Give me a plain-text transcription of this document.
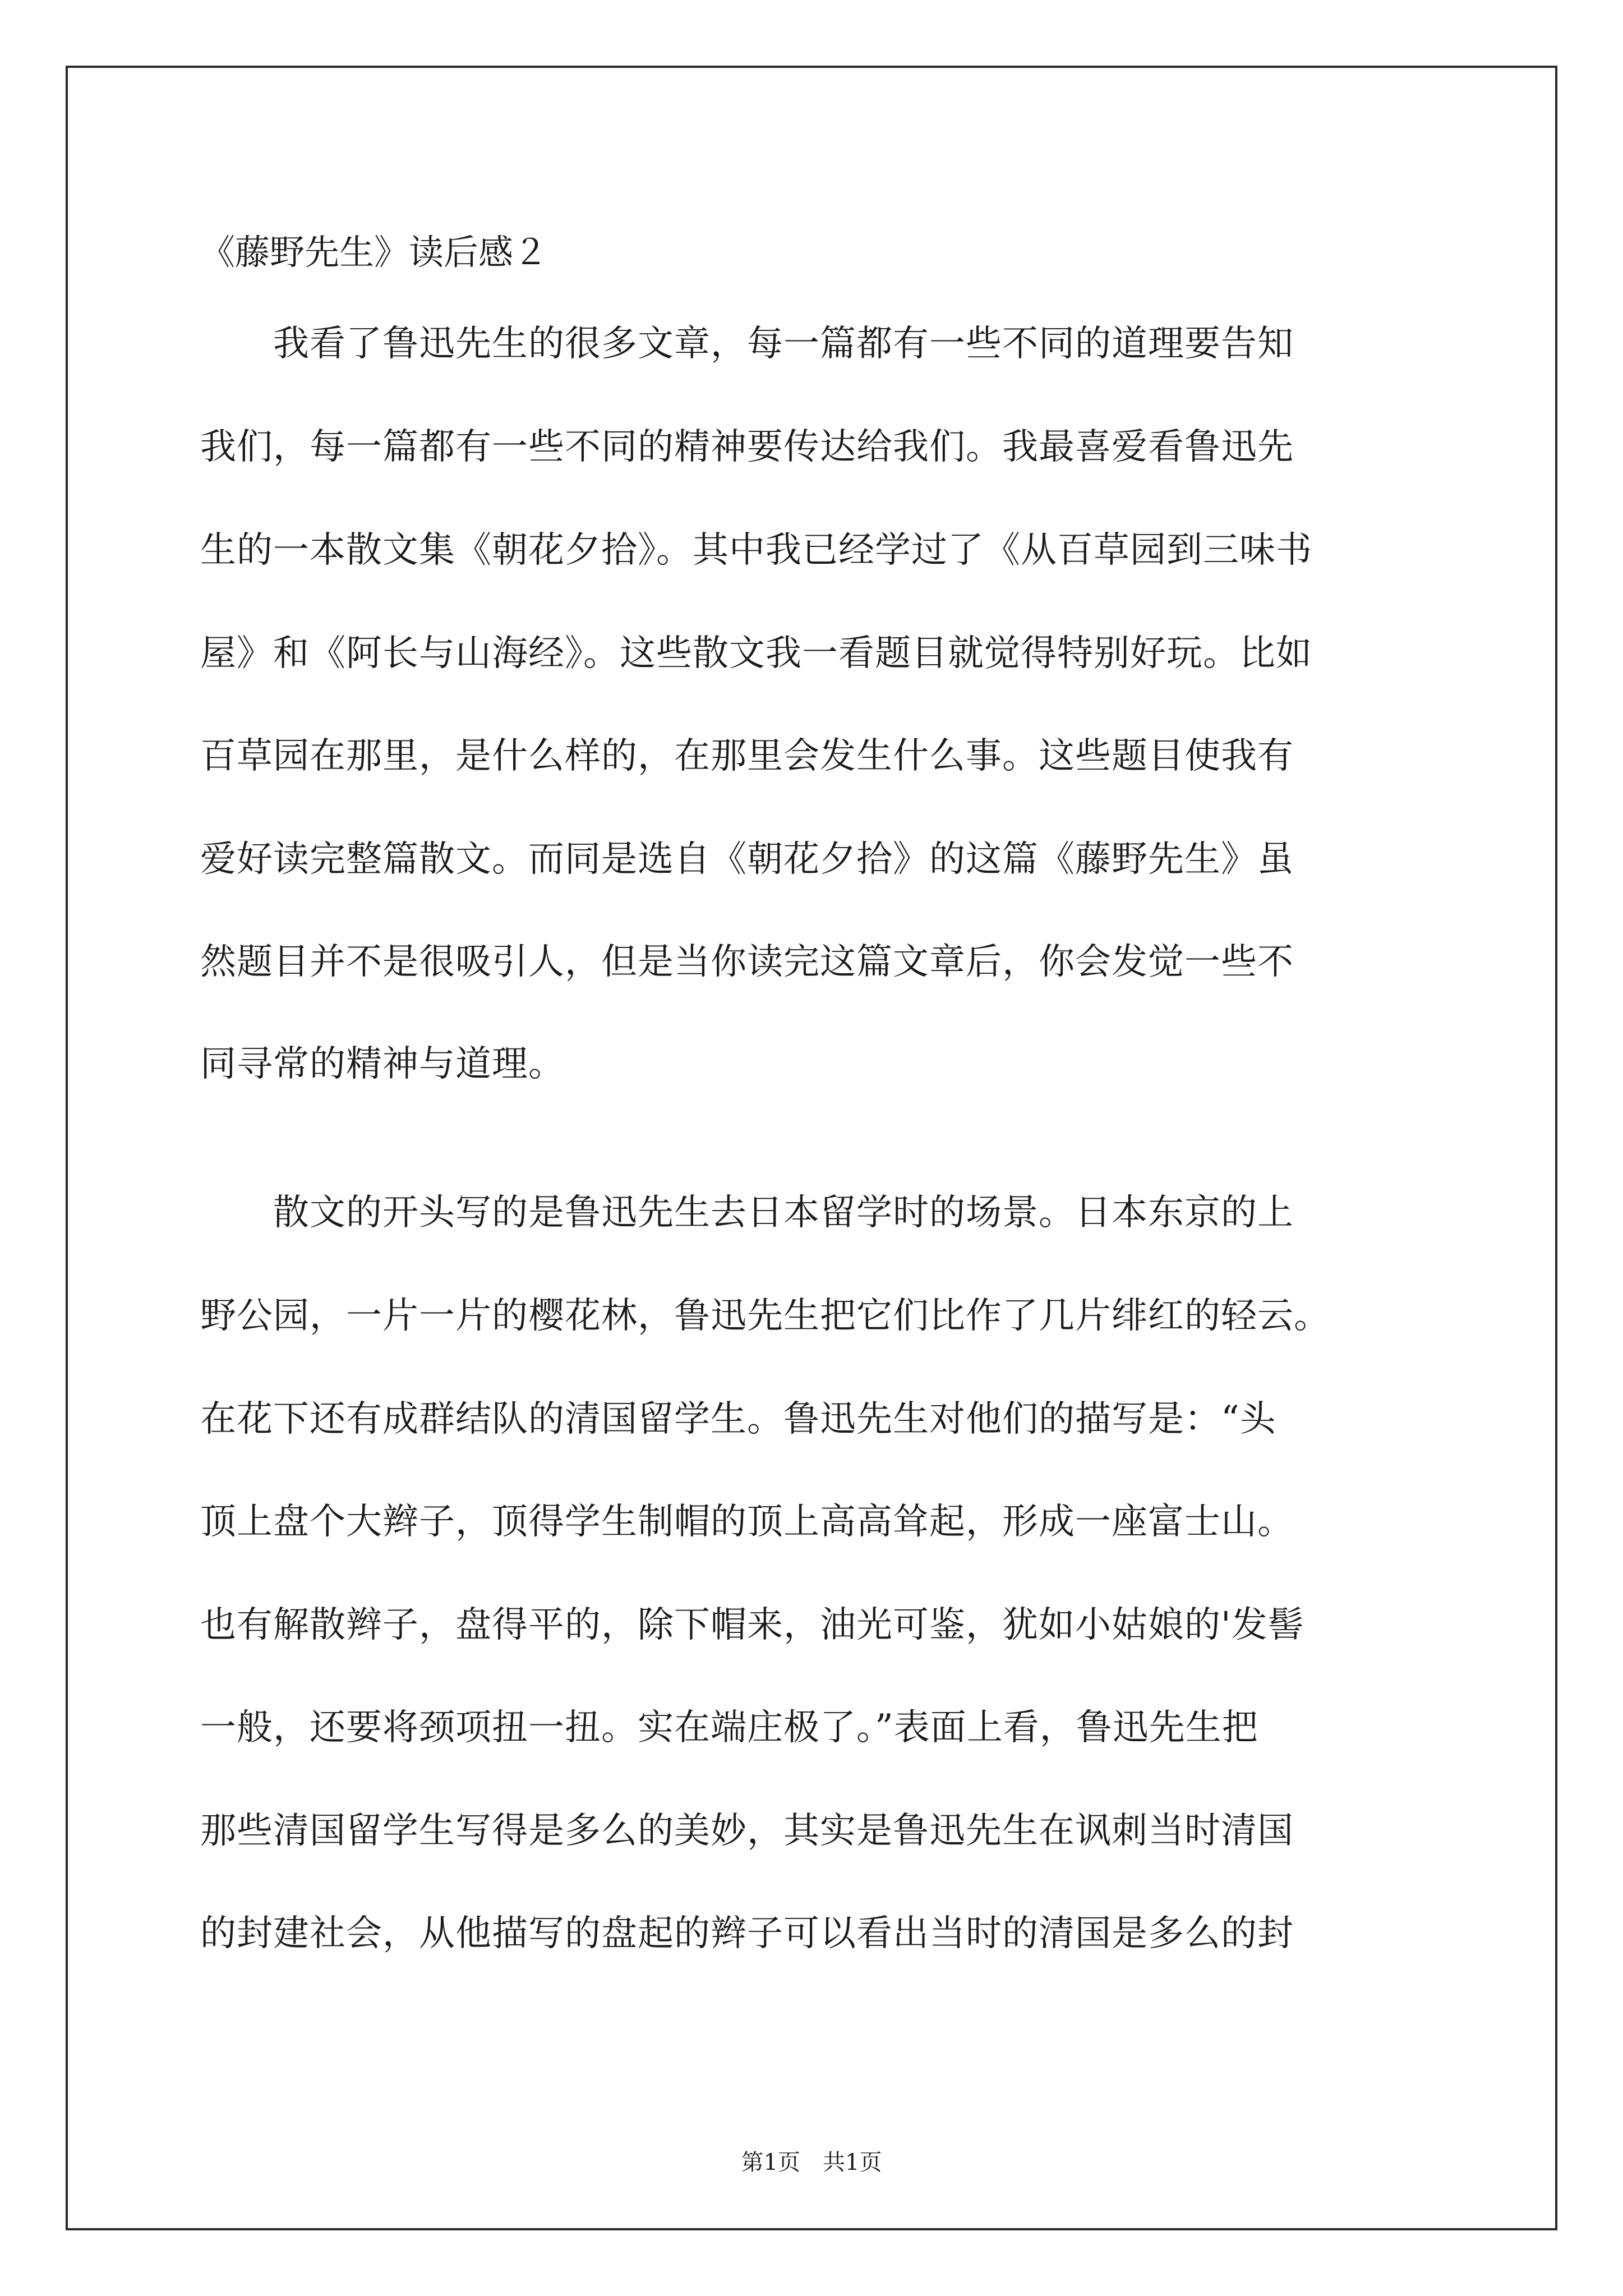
《藤野先生》读后感２
　　我看了鲁迅先生的很多文章，每一篇都有一些不同的道理要告知
我们，每一篇都有一些不同的精神要传达给我们。我最喜爱看鲁迅先
生的一本散文集《朝花夕拾》。其中我已经学过了《从百草园到三味书
屋》和《阿长与山海经》。这些散文我一看题目就觉得特别好玩。比如
百草园在那里，是什么样的，在那里会发生什么事。这些题目使我有
爱好读完整篇散文。而同是选自《朝花夕拾》的这篇《藤野先生》虽
然题目并不是很吸引人，但是当你读完这篇文章后，你会发觉一些不
同寻常的精神与道理。
　　散文的开头写的是鲁迅先生去日本留学时的场景。日本东京的上
野公园，一片一片的樱花林，鲁迅先生把它们比作了几片绯红的轻云。
在花下还有成群结队的清国留学生。鲁迅先生对他们的描写是：“头
顶上盘个大辫子，顶得学生制帽的顶上高高耸起，形成一座富士山。
也有解散辫子，盘得平的，除下帽来，油光可鉴，犹如小姑娘的'发髻
一般，还要将颈项扭一扭。实在端庄极了。”表面上看，鲁迅先生把
那些清国留学生写得是多么的美妙，其实是鲁迅先生在讽刺当时清国
的封建社会，从他描写的盘起的辫子可以看出当时的清国是多么的封
第1页 共1页
